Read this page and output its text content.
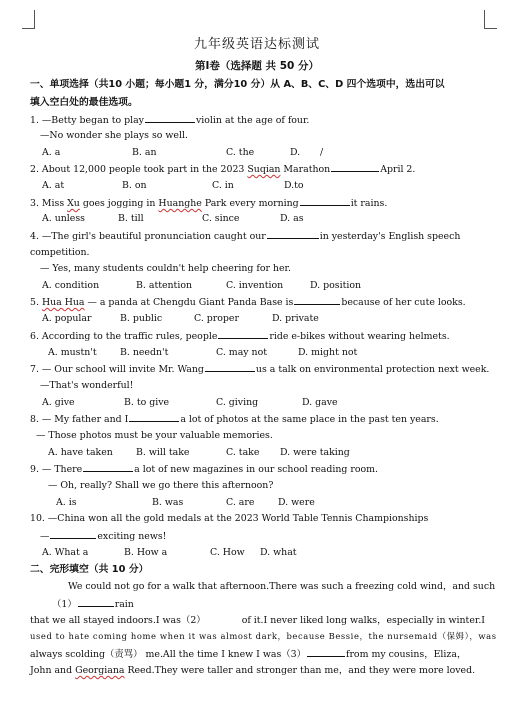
九年级英语达标测试
第Ⅰ卷（选择题 共 50 分）
一、单项选择（共10 小题；每小题1 分，满分10 分）从 A、B、C、D 四个选项中，选出可以
填入空白处的最佳选项。
1. —Betty began to play	violin at the age of four.
—No wonder she plays so well.
A. a	B. an	C. the	D. /
2. About 12,000 people took part in the 2023 Suqian Marathon	April 2.
A. at	B. on	C. in	D.to
3. Miss Xu goes jogging in Huanghe Park every morning	it rains.
A. unless	B. till	C. since	D. as
4. —The girl's beautiful pronunciation caught our	in yesterday's English speech
competition.
— Yes, many students couldn't help cheering for her.
A. condition	B. attention	C. invention	D. position
5. Hua Hua — a panda at Chengdu Giant Panda Base is	because of her cute looks.
A. popular	B. public	C. proper	D. private
6. According to the traffic rules, people	ride e-bikes without wearing helmets.
A. mustn't B. needn't	C. may not	D. might not
7. — Our school will invite Mr. Wang	us a talk on environmental protection next week.
—That's wonderful!
A. give	B. to give	C. giving	D. gave
8. — My father and I	a lot of photos at the same place in the past ten years.
— Those photos must be your valuable memories.
A. have taken B. will take	C. take D. were taking
9. — There	a lot of new magazines in our school reading room.
— Oh, really? Shall we go there this afternoon?
A. is	B. was	C. are	D. were
10. —China won all the gold medals at the 2023 World Table Tennis Championships
—	exciting news!
A. What a	B. How a	C. How D. what
二、完形填空（共 10 分）
We could not go for a walk that afternoon.There was such a freezing cold wind，and such
（1）	rain
that we all stayed indoors.I was（2）	of it.I never liked long walks，especially in winter.I
used to hate coming home when it was almost dark，because Bessie，the nursemaid（保姆），was
always scolding（责骂） me.All the time I knew I was（3）	from my cousins，Eliza，
John and Georgiana Reed.They were taller and stronger than me，and they were more loved.
